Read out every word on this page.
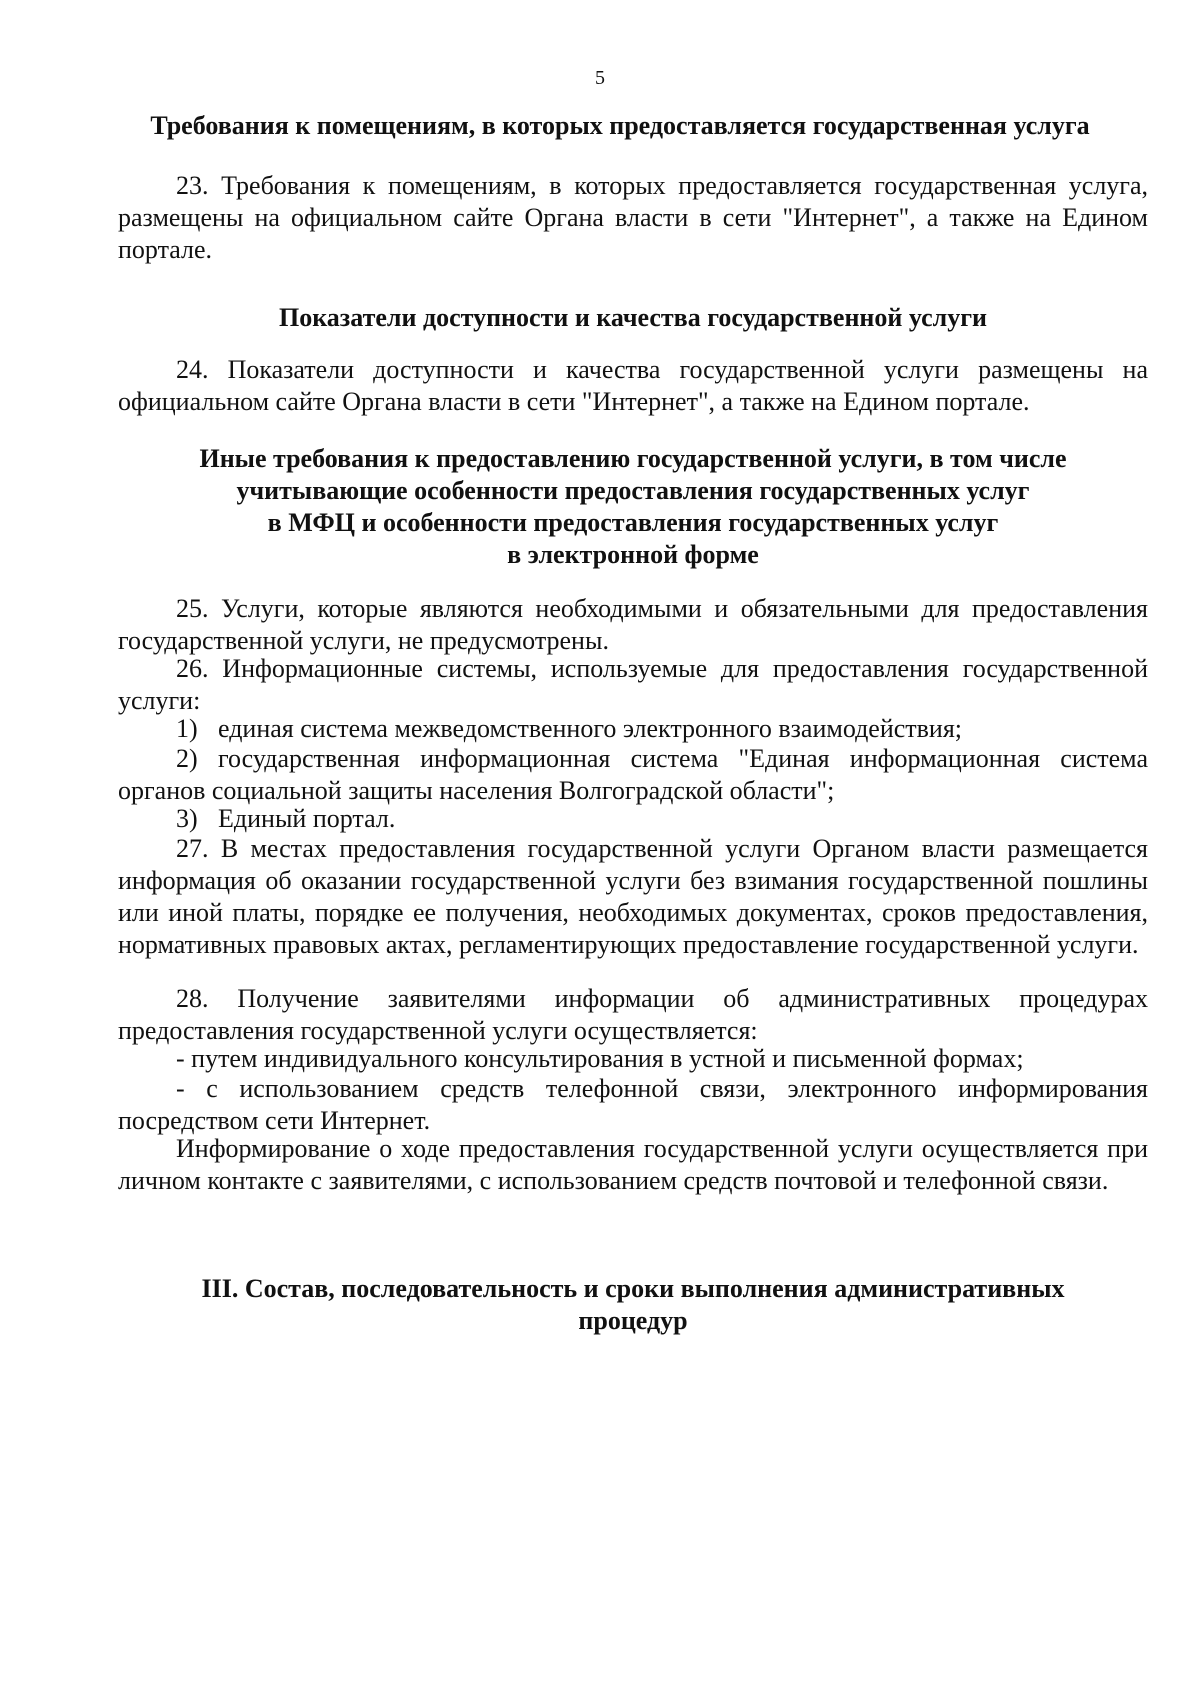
5
Требования к помещениям, в которых предоставляется государственная услуга

23. Требования к помещениям, в которых предоставляется государственная услуга, размещены на официальном сайте Органа власти в сети "Интернет", а также на Едином портале.

Показатели доступности и качества государственной услуги

24. Показатели доступности и качества государственной услуги размещены на официальном сайте Органа власти в сети "Интернет", а также на Едином портале.

Иные требования к предоставлению государственной услуги, в том числе
учитывающие особенности предоставления государственных услуг
в МФЦ и особенности предоставления государственных услуг
в электронной форме

25. Услуги, которые являются необходимыми и обязательными для предоставления государственной услуги, не предусмотрены.

26. Информационные системы, используемые для предоставления государственной услуги:

1) единая система межведомственного электронного взаимодействия;

2) государственная информационная система "Единая информационная система органов социальной защиты населения Волгоградской области";

3) Единый портал.

27. В местах предоставления государственной услуги Органом власти размещается информация об оказании государственной услуги без взимания государственной пошлины или иной платы, порядке ее получения, необходимых документах, сроков предоставления, нормативных правовых актах, регламентирующих предоставление государственной услуги.

28. Получение заявителями информации об административных процедурах предоставления государственной услуги осуществляется:

- путем индивидуального консультирования в устной и письменной формах;

- с использованием средств телефонной связи, электронного информирования посредством сети Интернет.

Информирование о ходе предоставления государственной услуги осуществляется при личном контакте с заявителями, с использованием средств почтовой и телефонной связи.

III. Состав, последовательность и сроки выполнения административных
процедур
